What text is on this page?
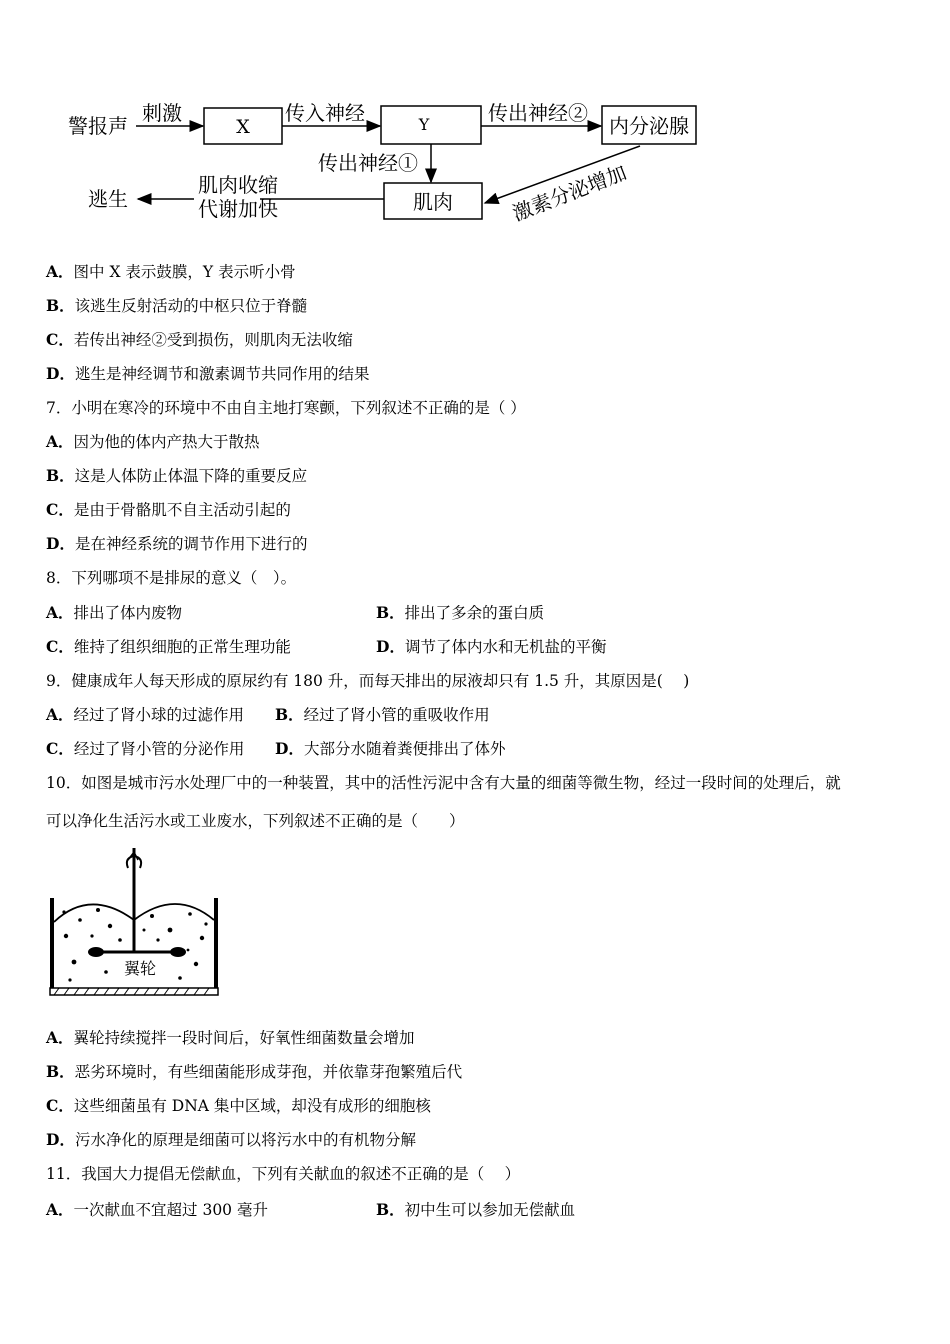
警报声
刺激
X
传入神经	Y	传出神经②
内分泌腺
传出神经①
肌肉	激素分泌增加
肌肉收缩
代谢加快
逃生
A．图中 X 表示鼓膜，Y 表示听小骨
B．该逃生反射活动的中枢只位于脊髓
C．若传出神经②受到损伤，则肌肉无法收缩
D．逃生是神经调节和激素调节共同作用的结果
7．小明在寒冷的环境中不由自主地打寒颤，下列叙述不正确的是（ ）
A．因为他的体内产热大于散热
B．这是人体防止体温下降的重要反应
C．是由于骨骼肌不自主活动引起的
D．是在神经系统的调节作用下进行的
8．下列哪项不是排尿的意义（　）。
A．排出了体内废物	B．排出了多余的蛋白质
C．维持了组织细胞的正常生理功能	D．调节了体内水和无机盐的平衡
9．健康成年人每天形成的原尿约有 180 升，而每天排出的尿液却只有 1.5 升，其原因是(　 )
A．经过了肾小球的过滤作用 B．经过了肾小管的重吸收作用
C．经过了肾小管的分泌作用 D．大部分水随着粪便排出了体外
10．如图是城市污水处理厂中的一种装置，其中的活性污泥中含有大量的细菌等微生物，经过一段时间的处理后，就
可以净化生活污水或工业废水，下列叙述不正确的是（　　）
翼轮
A．翼轮持续搅拌一段时间后，好氧性细菌数量会增加
B．恶劣环境时，有些细菌能形成芽孢，并依靠芽孢繁殖后代
C．这些细菌虽有 DNA 集中区域，却没有成形的细胞核
D．污水净化的原理是细菌可以将污水中的有机物分解
11．我国大力提倡无偿献血，下列有关献血的叙述不正确的是（　 ）
A．一次献血不宜超过 300 毫升	B．初中生可以参加无偿献血
